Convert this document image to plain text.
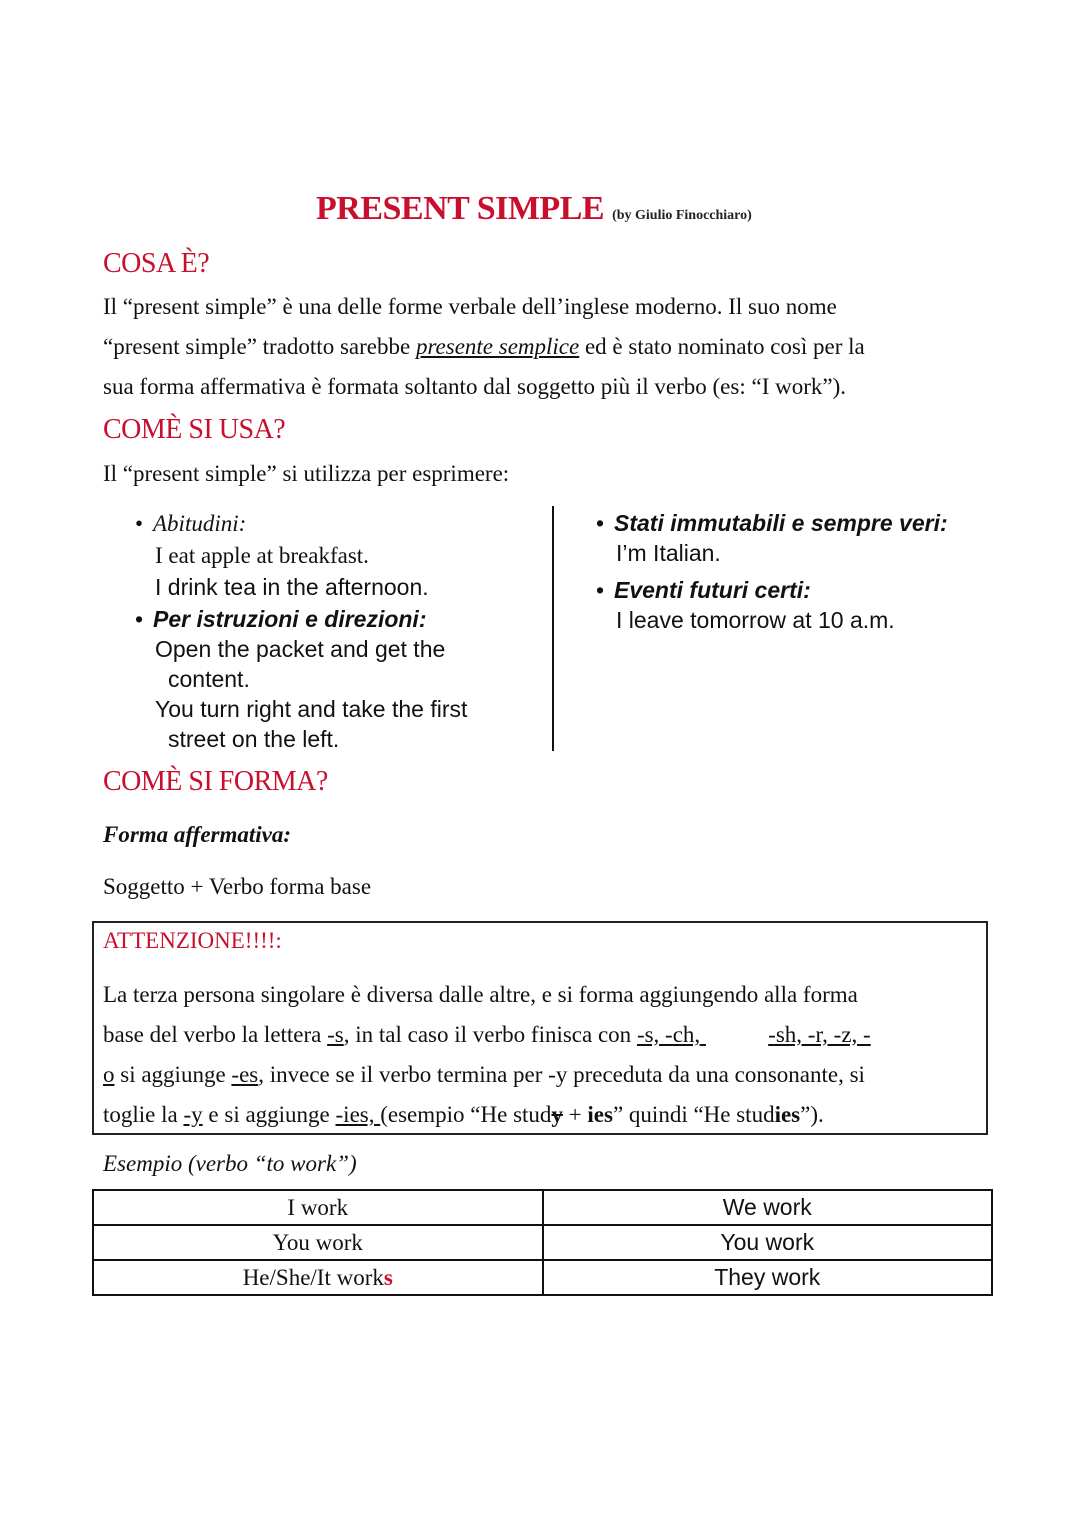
PRESENT SIMPLE (by Giulio Finocchiaro)
COSA È?
Il “present simple” è una delle forme verbale dell’inglese moderno. Il suo nome
“present simple” tradotto sarebbe presente semplice ed è stato nominato così per la
sua forma affermativa è formata soltanto dal soggetto più il verbo (es: “I work”).
COMÈ SI USA?
Il “present simple” si utilizza per esprimere:
• Abitudini:
I eat apple at breakfast.
I drink tea in the afternoon.
• Per istruzioni e direzioni:
Open the packet and get the
content.
You turn right and take the first
street on the left.
• Stati immutabili e sempre veri:
I’m Italian.
• Eventi futuri certi:
I leave tomorrow at 10 a.m.
COMÈ SI FORMA?
Forma affermativa:
Soggetto + Verbo forma base
ATTENZIONE!!!!:
La terza persona singolare è diversa dalle altre, e si forma aggiungendo alla forma
base del verbo la lettera -s, in tal caso il verbo finisca con -s, -ch,	-sh, -r, -z, -
o si aggiunge -es, invece se il verbo termina per -y preceduta da una consonante, si
toglie la -y e si aggiunge -ies, (esempio “He study + ies” quindi “He studies”).
Esempio (verbo “to work”)
I work	We work
You work	You work
He/She/It works	They work
